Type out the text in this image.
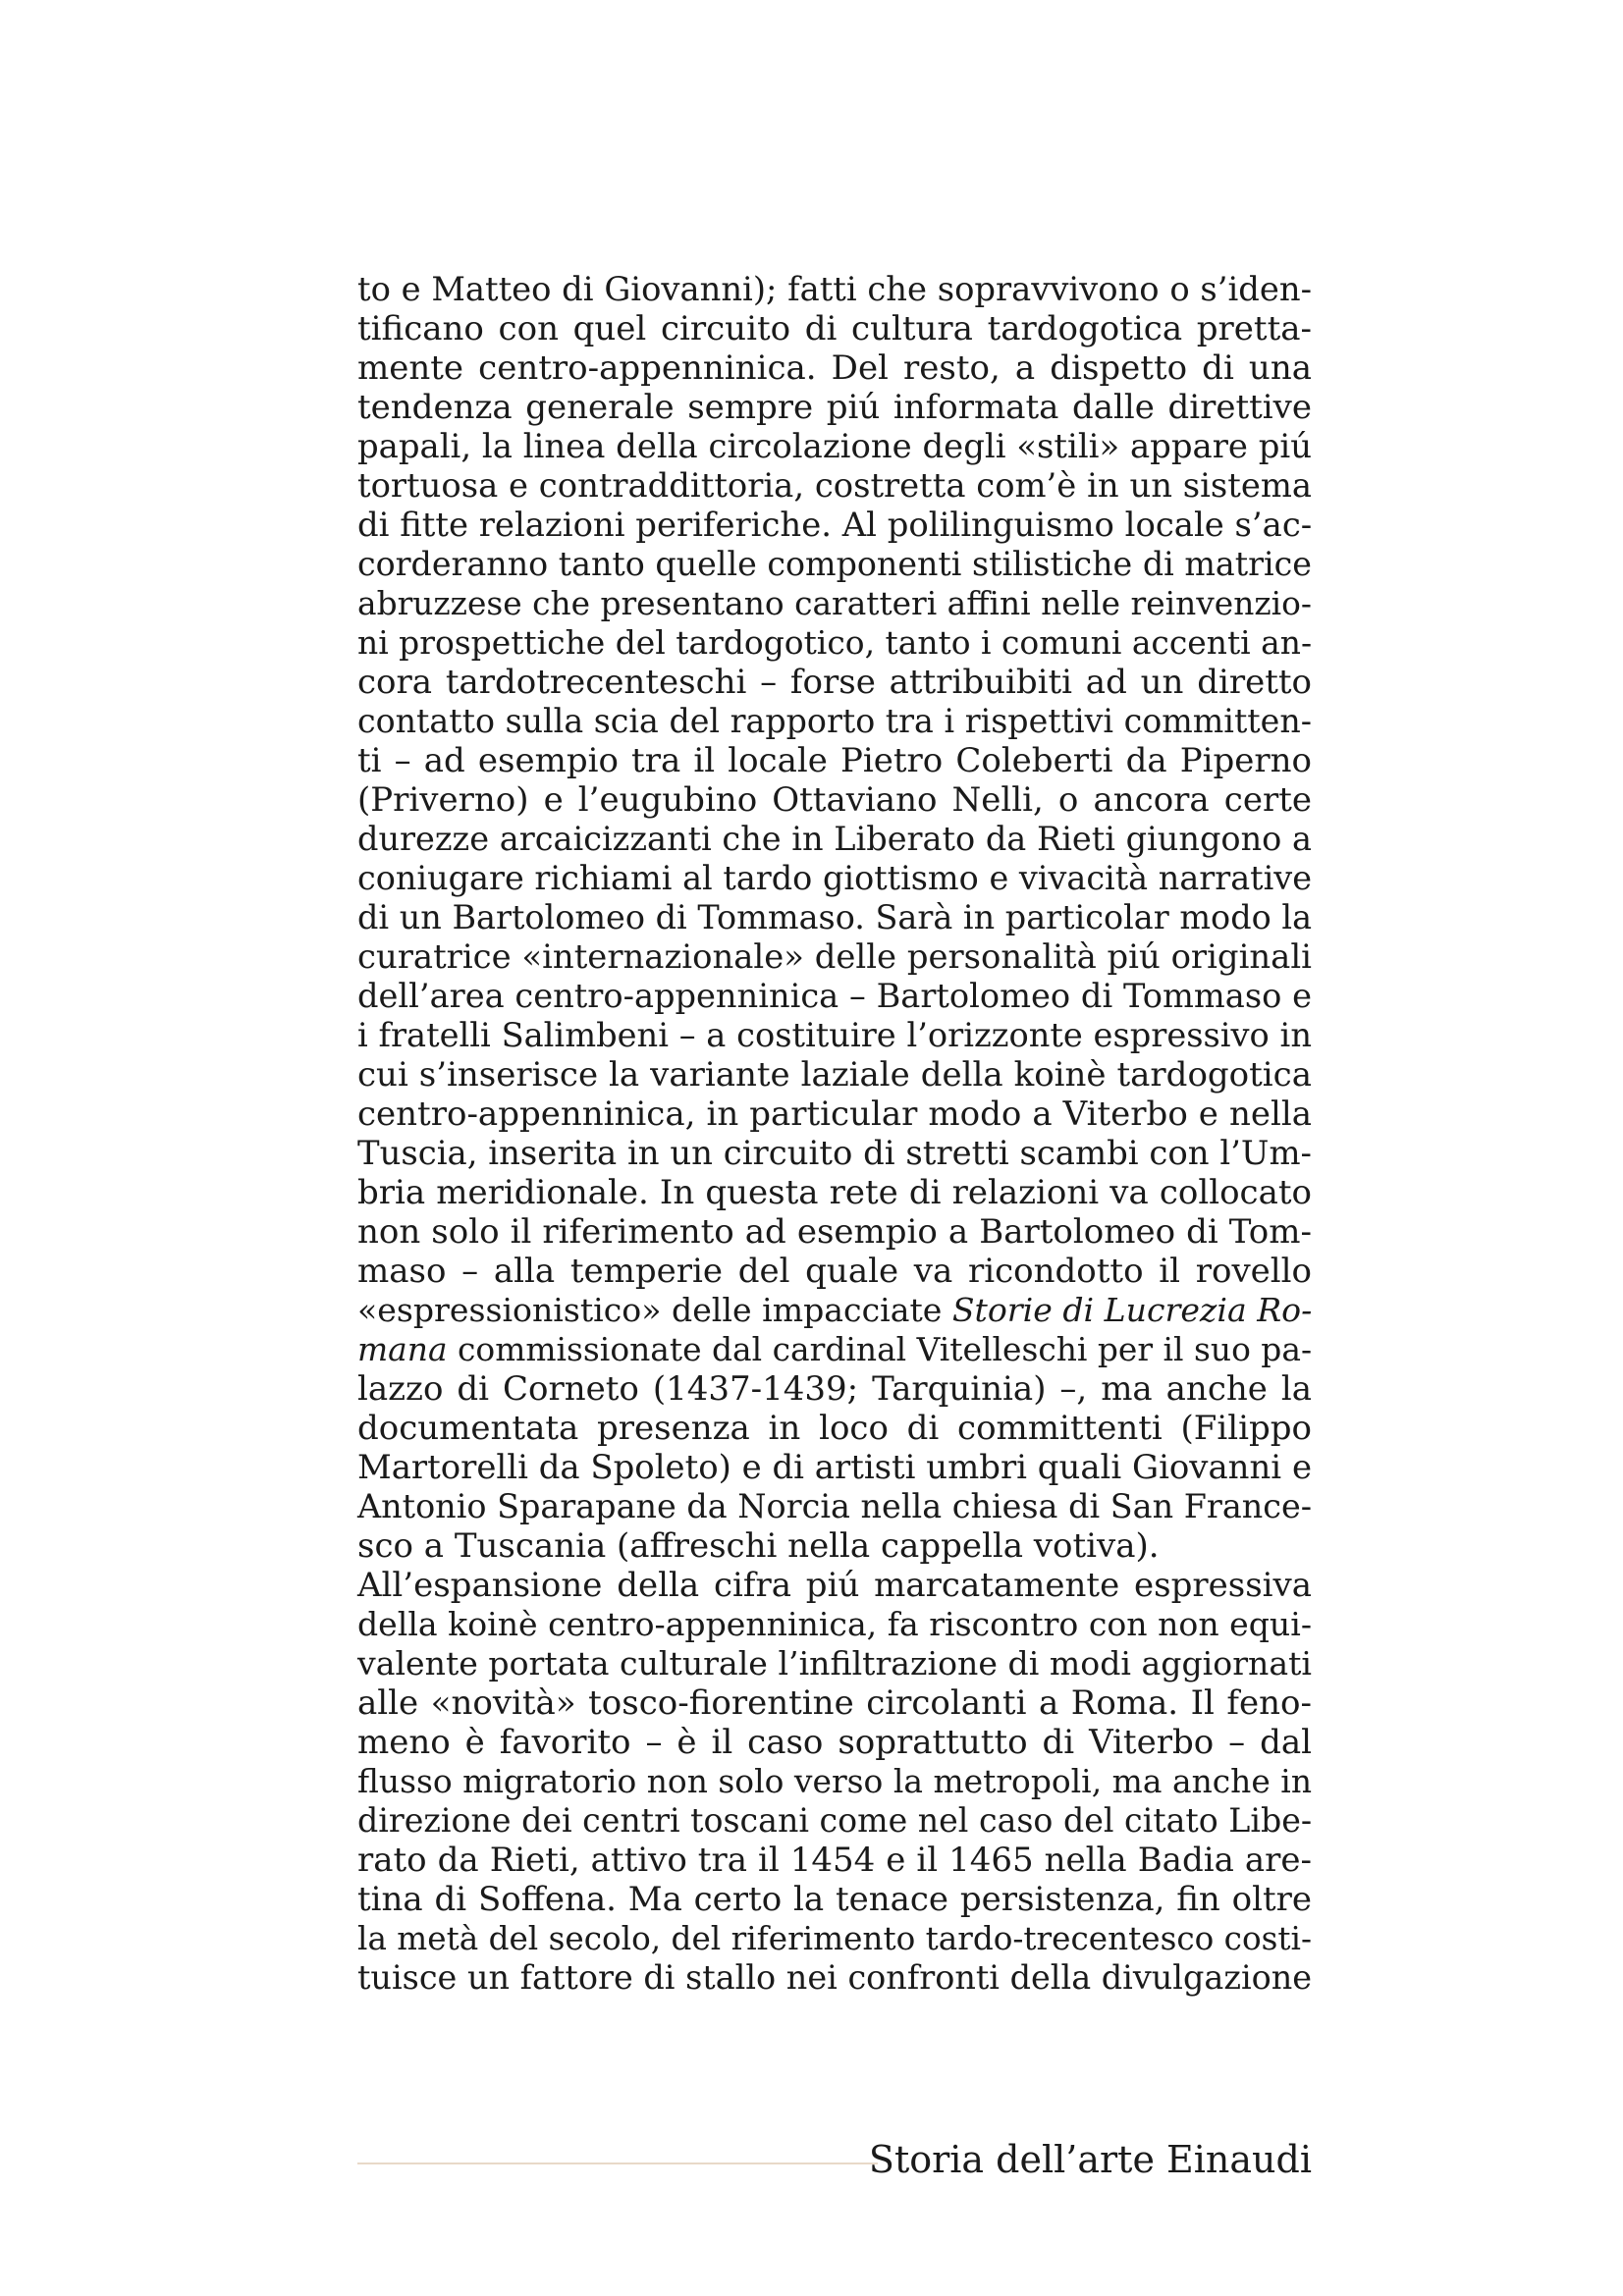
to e Matteo di Giovanni); fatti che sopravvivono o s’iden-
tificano con quel circuito di cultura tardogotica pretta-
mente centro-appenninica. Del resto, a dispetto di una
tendenza generale sempre piú informata dalle direttive
papali, la linea della circolazione degli «stili» appare piú
tortuosa e contraddittoria, costretta com’è in un sistema
di fitte relazioni periferiche. Al polilinguismo locale s’ac-
corderanno tanto quelle componenti stilistiche di matrice
abruzzese che presentano caratteri affini nelle reinvenzio-
ni prospettiche del tardogotico, tanto i comuni accenti an-
cora tardotrecenteschi – forse attribuibiti ad un diretto
contatto sulla scia del rapporto tra i rispettivi committen-
ti – ad esempio tra il locale Pietro Coleberti da Piperno
(Priverno) e l’eugubino Ottaviano Nelli, o ancora certe
durezze arcaicizzanti che in Liberato da Rieti giungono a
coniugare richiami al tardo giottismo e vivacità narrative
di un Bartolomeo di Tommaso. Sarà in particolar modo la
curatrice «internazionale» delle personalità piú originali
dell’area centro-appenninica – Bartolomeo di Tommaso e
i fratelli Salimbeni – a costituire l’orizzonte espressivo in
cui s’inserisce la variante laziale della koinè tardogotica
centro-appenninica, in particular modo a Viterbo e nella
Tuscia, inserita in un circuito di stretti scambi con l’Um-
bria meridionale. In questa rete di relazioni va collocato
non solo il riferimento ad esempio a Bartolomeo di Tom-
maso – alla temperie del quale va ricondotto il rovello
«espressionistico» delle impacciate Storie di Lucrezia Ro-
mana commissionate dal cardinal Vitelleschi per il suo pa-
lazzo di Corneto (1437-1439; Tarquinia) –, ma anche la
documentata presenza in loco di committenti (Filippo
Martorelli da Spoleto) e di artisti umbri quali Giovanni e
Antonio Sparapane da Norcia nella chiesa di San France-
sco a Tuscania (affreschi nella cappella votiva).
All’espansione della cifra piú marcatamente espressiva
della koinè centro-appenninica, fa riscontro con non equi-
valente portata culturale l’infiltrazione di modi aggiornati
alle «novità» tosco-fiorentine circolanti a Roma. Il feno-
meno è favorito – è il caso soprattutto di Viterbo – dal
flusso migratorio non solo verso la metropoli, ma anche in
direzione dei centri toscani come nel caso del citato Libe-
rato da Rieti, attivo tra il 1454 e il 1465 nella Badia are-
tina di Soffena. Ma certo la tenace persistenza, fin oltre
la metà del secolo, del riferimento tardo-trecentesco costi-
tuisce un fattore di stallo nei confronti della divulgazione
Storia dell’arte Einaudi
